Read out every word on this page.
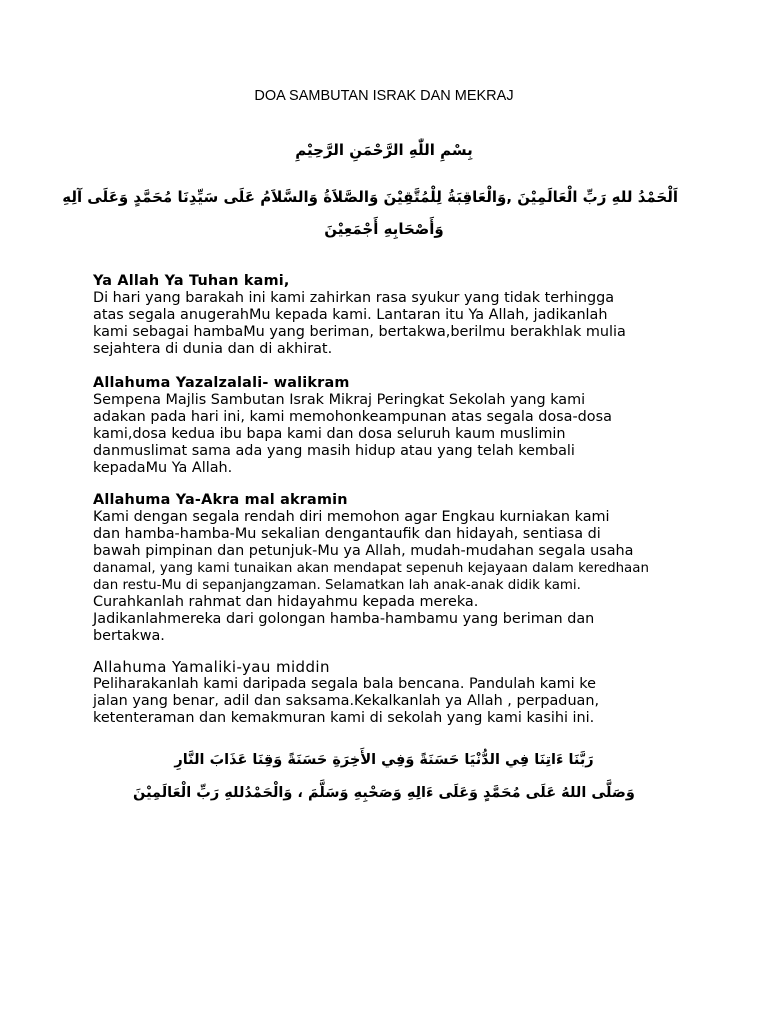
DOA SAMBUTAN ISRAK DAN MEKRAJ
بِسْمِ اللّٰهِ الرَّحْمَنِ الرَّحِيْمِ
اَلْحَمْدُ للهِ رَبِّ الْعَالَمِيْنَ ,وَالْعَاقِبَةُ لِلْمُتَّقِيْنَ وَالصَّلاَةُ وَالسَّلاَمُ عَلَى سَيِّدِنَا مُحَمَّدٍ وَعَلَى آلِهِ
وَأَصْحَابِهِ أَجْمَعِيْنَ
Ya Allah Ya Tuhan kami,
Di hari yang barakah ini kami zahirkan rasa syukur yang tidak terhingga
atas segala anugerahMu kepada kami. Lantaran itu Ya Allah, jadikanlah
kami sebagai hambaMu yang beriman, bertakwa,berilmu berakhlak mulia
sejahtera di dunia dan di akhirat.
Allahuma Yazalzalali- walikram
Sempena Majlis Sambutan Israk Mikraj Peringkat Sekolah yang kami
adakan pada hari ini, kami memohonkeampunan atas segala dosa-dosa
kami,dosa kedua ibu bapa kami dan dosa seluruh kaum muslimin
danmuslimat sama ada yang masih hidup atau yang telah kembali
kepadaMu Ya Allah.
Allahuma Ya-Akra mal akramin
Kami dengan segala rendah diri memohon agar Engkau kurniakan kami
dan hamba-hamba-Mu sekalian dengantaufik dan hidayah, sentiasa di
bawah pimpinan dan petunjuk-Mu ya Allah, mudah-mudahan segala usaha
danamal, yang kami tunaikan akan mendapat sepenuh kejayaan dalam keredhaan
dan restu-Mu di sepanjangzaman. Selamatkan lah anak-anak didik kami.
Curahkanlah rahmat dan hidayahmu kepada mereka.
Jadikanlahmereka dari golongan hamba-hambamu yang beriman dan
bertakwa.
Allahuma Yamaliki-yau middin
Peliharakanlah kami daripada segala bala bencana. Pandulah kami ke
jalan yang benar, adil dan saksama.Kekalkanlah ya Allah , perpaduan,
ketenteraman dan kemakmuran kami di sekolah yang kami kasihi ini.
رَبَّنَا ءَاتِنَا فِي الدُّنْيَا حَسَنَةً وَفِي الأَخِرَةِ حَسَنَةً وَقِنَا عَذَابَ النَّارِ
وَصَلَّى اللهُ عَلَى مُحَمَّدٍ وَعَلَى ءَالِهِ وَصَحْبِهِ وَسَلَّمَ ، وَالْحَمْدُللهِ رَبِّ الْعَالَمِيْنَ
